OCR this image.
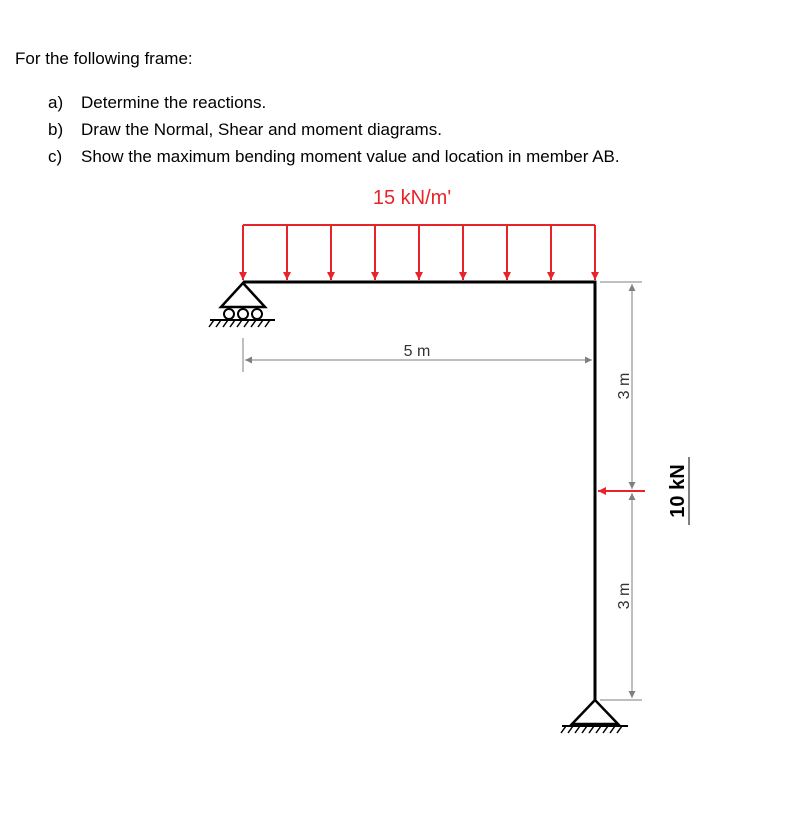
For the following frame:

a) Determine the reactions.
b) Draw the Normal, Shear and moment diagrams.
c) Show the maximum bending moment value and location in member AB.
15 kN/m'
5 m
3 m
3 m
10 kN
